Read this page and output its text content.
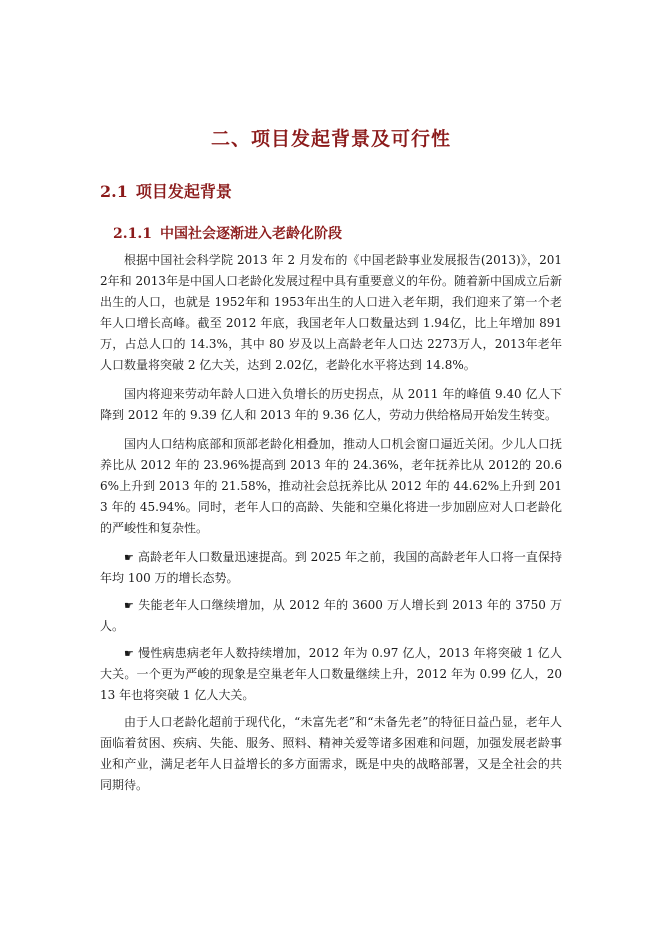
二、项目发起背景及可行性
2.1 项目发起背景
2.1.1 中国社会逐渐进入老龄化阶段

根据中国社会科学院 2013 年 2 月发布的《中国老龄事业发展报告(2013)》，2012年和 2013年是中国人口老龄化发展过程中具有重要意义的年份。随着新中国成立后新出生的人口，也就是 1952年和 1953年出生的人口进入老年期，我们迎来了第一个老年人口增长高峰。截至 2012 年底，我国老年人口数量达到 1.94亿，比上年增加 891 万，占总人口的 14.3%，其中 80 岁及以上高龄老年人口达 2273万人，2013年老年人口数量将突破 2 亿大关，达到 2.02亿，老龄化水平将达到 14.8%。

国内将迎来劳动年龄人口进入负增长的历史拐点，从 2011 年的峰值 9.40 亿人下降到 2012 年的 9.39 亿人和 2013 年的 9.36 亿人，劳动力供给格局开始发生转变。

国内人口结构底部和顶部老龄化相叠加，推动人口机会窗口逼近关闭。少儿人口抚养比从 2012 年的 23.96%提高到 2013 年的 24.36%，老年抚养比从 2012的 20.66%上升到 2013 年的 21.58%，推动社会总抚养比从 2012 年的 44.62%上升到 2013 年的 45.94%。同时，老年人口的高龄、失能和空巢化将进一步加剧应对人口老龄化的严峻性和复杂性。

☛ 高龄老年人口数量迅速提高。到 2025 年之前，我国的高龄老年人口将一直保持年均 100 万的增长态势。

☛ 失能老年人口继续增加，从 2012 年的 3600 万人增长到 2013 年的 3750 万人。

☛ 慢性病患病老年人数持续增加，2012 年为 0.97 亿人，2013 年将突破 1 亿人大关。一个更为严峻的现象是空巢老年人口数量继续上升，2012 年为 0.99 亿人，2013 年也将突破 1 亿人大关。

由于人口老龄化超前于现代化，“未富先老”和“未备先老”的特征日益凸显，老年人面临着贫困、疾病、失能、服务、照料、精神关爱等诸多困难和问题，加强发展老龄事业和产业，满足老年人日益增长的多方面需求，既是中央的战略部署，又是全社会的共同期待。
